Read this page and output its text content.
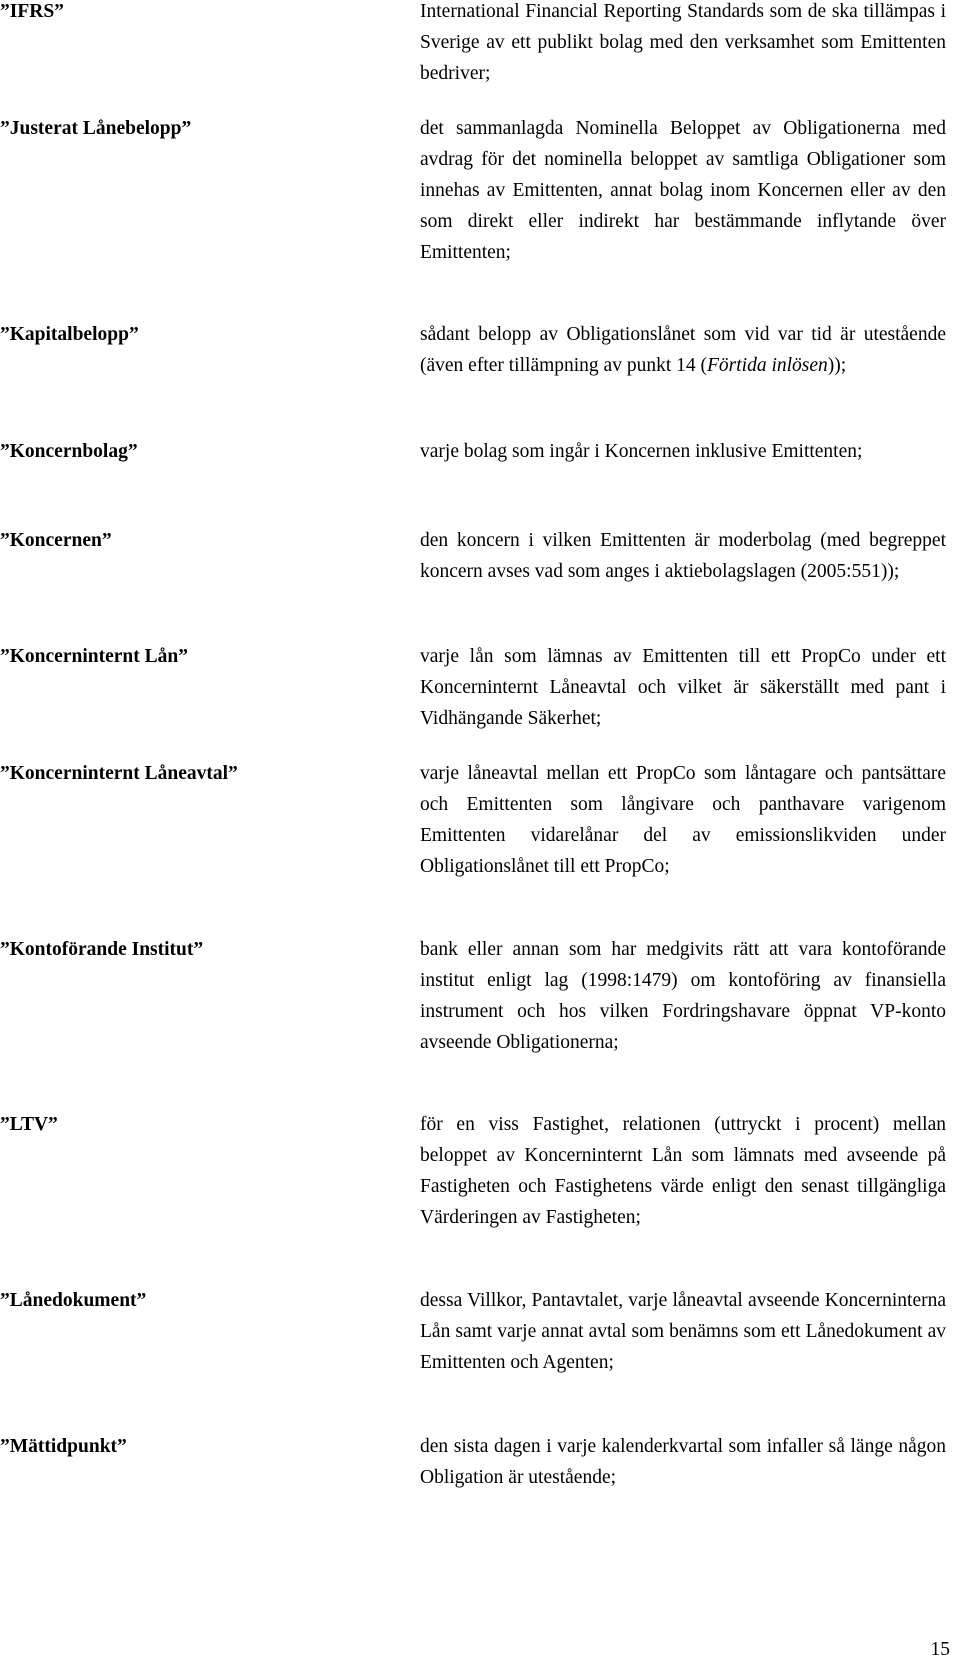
”IFRS”	International Financial Reporting Standards som de ska tillämpas i Sverige av ett publikt bolag med den verksamhet som Emittenten bedriver;
”Justerat Lånebelopp”	det sammanlagda Nominella Beloppet av Obligationerna med avdrag för det nominella beloppet av samtliga Obligationer som innehas av Emittenten, annat bolag inom Koncernen eller av den som direkt eller indirekt har bestämmande inflytande över Emittenten;
”Kapitalbelopp”	sådant belopp av Obligationslånet som vid var tid är utestående (även efter tillämpning av punkt 14 (Förtida inlösen));
”Koncernbolag”	varje bolag som ingår i Koncernen inklusive Emittenten;
”Koncernen”	den koncern i vilken Emittenten är moderbolag (med begreppet koncern avses vad som anges i aktiebolagslagen (2005:551));
”Koncerninternt Lån”	varje lån som lämnas av Emittenten till ett PropCo under ett Koncerninternt Låneavtal och vilket är säkerställt med pant i Vidhängande Säkerhet;
”Koncerninternt Låneavtal”	varje låneavtal mellan ett PropCo som låntagare och pantsättare och Emittenten som långivare och panthavare varigenom Emittenten vidarelånar del av emissionslikviden under Obligationslånet till ett PropCo;
”Kontoförande Institut”	bank eller annan som har medgivits rätt att vara kontoförande institut enligt lag (1998:1479) om kontoföring av finansiella instrument och hos vilken Fordringshavare öppnat VP-konto avseende Obligationerna;
”LTV”	för en viss Fastighet, relationen (uttryckt i procent) mellan beloppet av Koncerninternt Lån som lämnats med avseende på Fastigheten och Fastighetens värde enligt den senast tillgängliga Värderingen av Fastigheten;
”Lånedokument”	dessa Villkor, Pantavtalet, varje låneavtal avseende Koncerninterna Lån samt varje annat avtal som benämns som ett Lånedokument av Emittenten och Agenten;
”Mättidpunkt”	den sista dagen i varje kalenderkvartal som infaller så länge någon Obligation är utestående;
15
